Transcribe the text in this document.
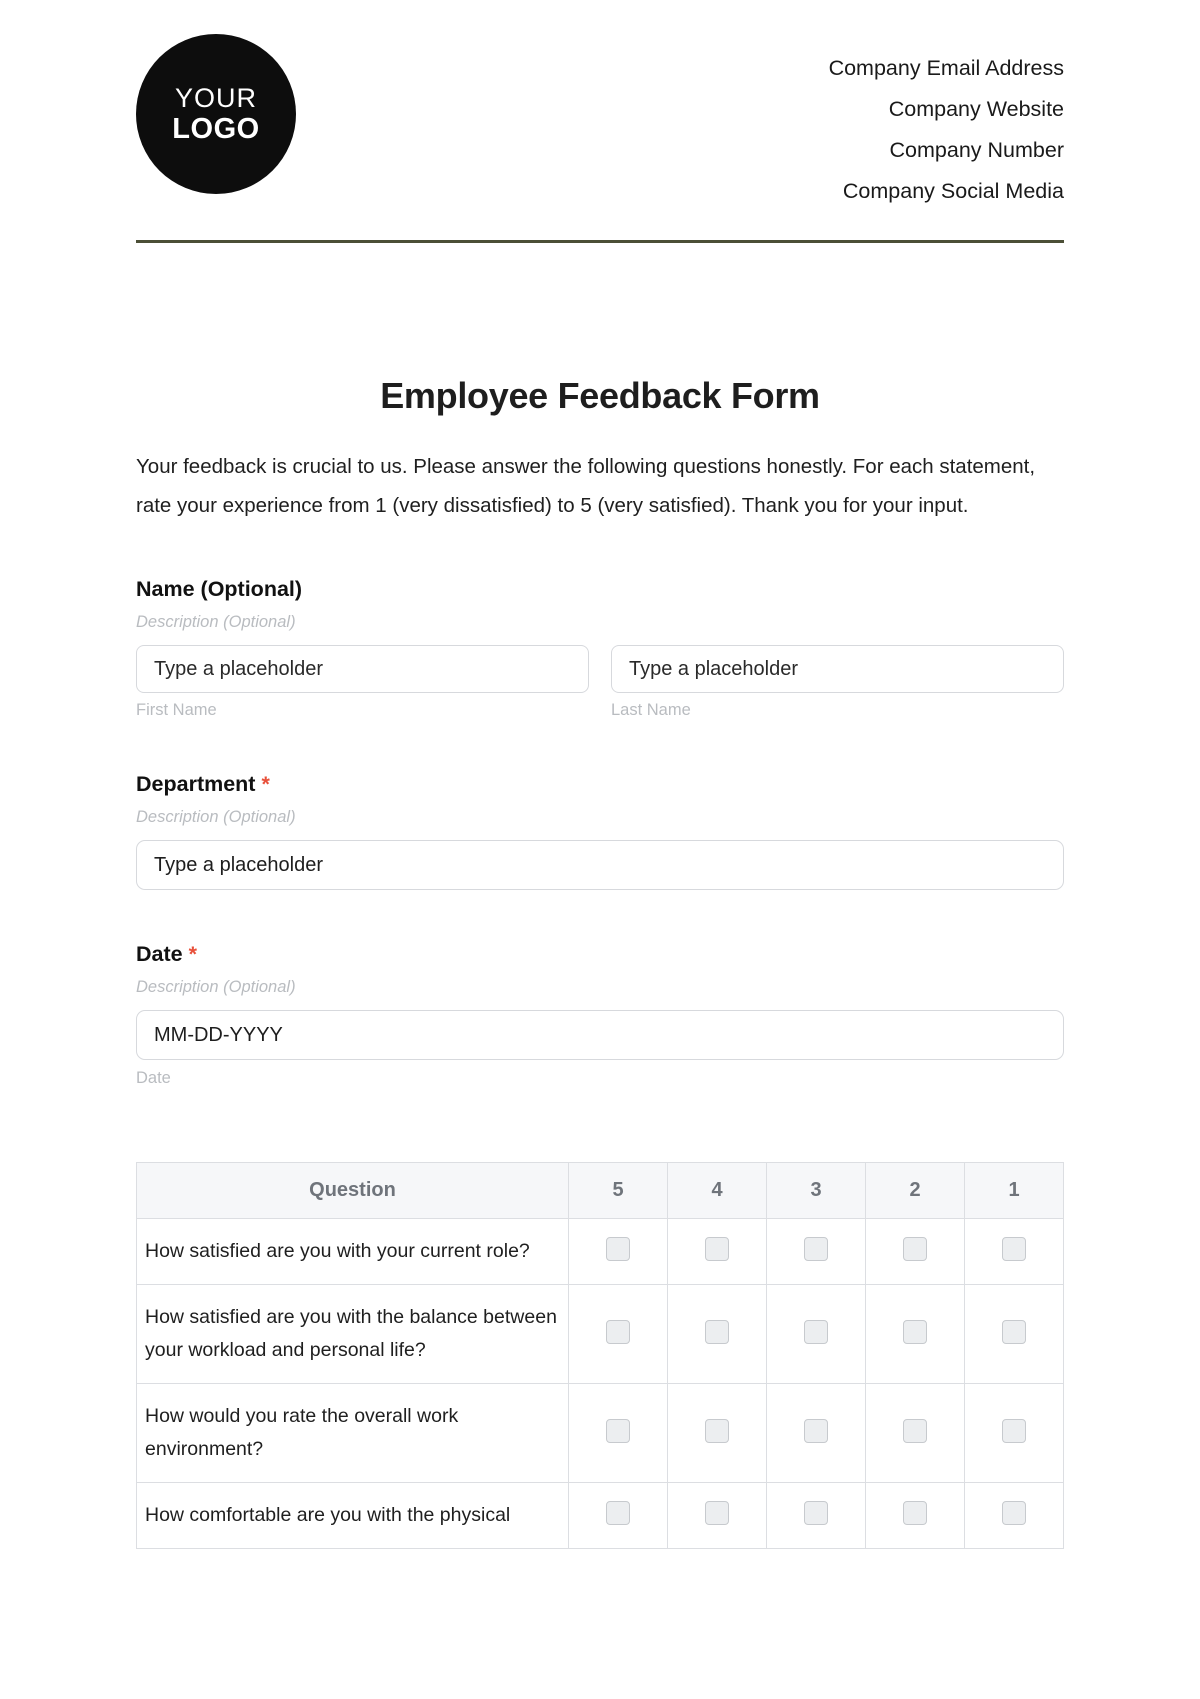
YOUR
LOGO
Company Email Address
Company Website
Company Number
Company Social Media
Employee Feedback Form
Your feedback is crucial to us. Please answer the following questions honestly. For each statement, rate your experience from 1 (very dissatisfied) to 5 (very satisfied). Thank you for your input.
Name (Optional)
Description (Optional)
Type a placeholder	Type a placeholder
First Name	Last Name
Department *
Description (Optional)
Type a placeholder
Date *
Description (Optional)
MM-DD-YYYY
Date
Question	5	4	3	2	1
How satisfied are you with your current role?					
How satisfied are you with the balance between your workload and personal life?					
How would you rate the overall work environment?					
How comfortable are you with the physical					
